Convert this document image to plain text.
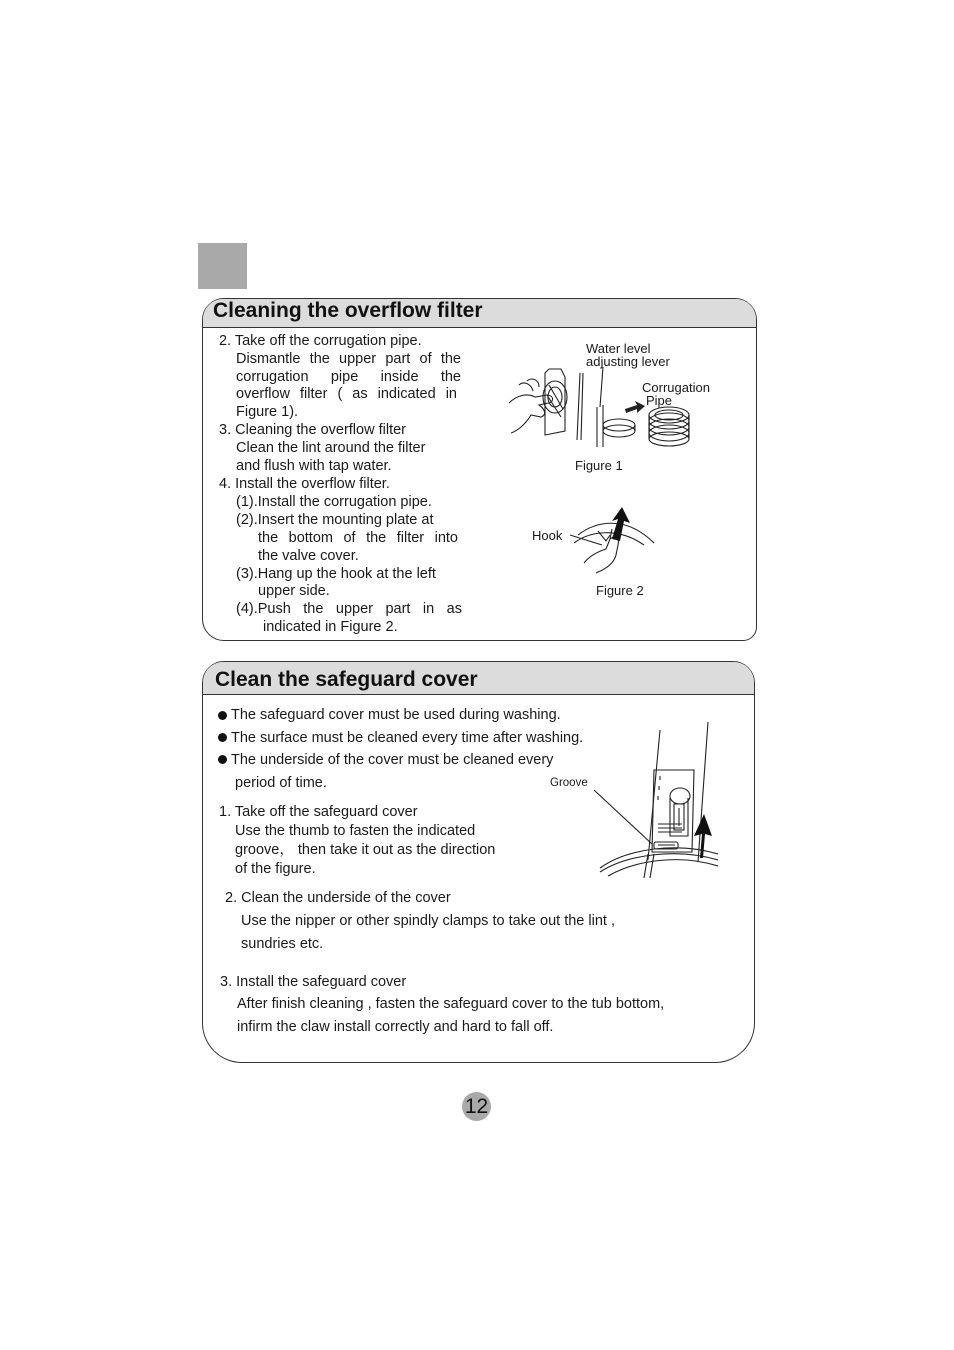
Cleaning the overflow filter
2. Take off the corrugation pipe.
Dismantle the upper part of the
corrugation pipe inside the
overflow filter ( as indicated in
Figure 1).
3. Cleaning the overflow filter
Clean the lint around the filter
and flush with tap water.
4. Install the overflow filter.
(1).Install the corrugation pipe.
(2).Insert the mounting plate at
the bottom of the filter into
the valve cover.
(3).Hang up the hook at the left
upper side.
(4).Push the upper part in as
indicated in Figure 2.
Water level
adjusting lever
Corrugation
Pipe
Figure 1
Hook
Figure 2
Clean the safeguard cover
The safeguard cover must be used during washing.
The surface must be cleaned every time after washing.
The underside of the cover must be cleaned every
period of time.
1. Take off the safeguard cover
Use the thumb to fasten the indicated
groove， then take it out as the direction
of the figure.
2. Clean the underside of the cover
Use the nipper or other spindly clamps to take out the lint ,
sundries etc.
3. Install the safeguard cover
After finish cleaning , fasten the safeguard cover to the tub bottom,
infirm the claw install correctly and hard to fall off.
Groove
12
